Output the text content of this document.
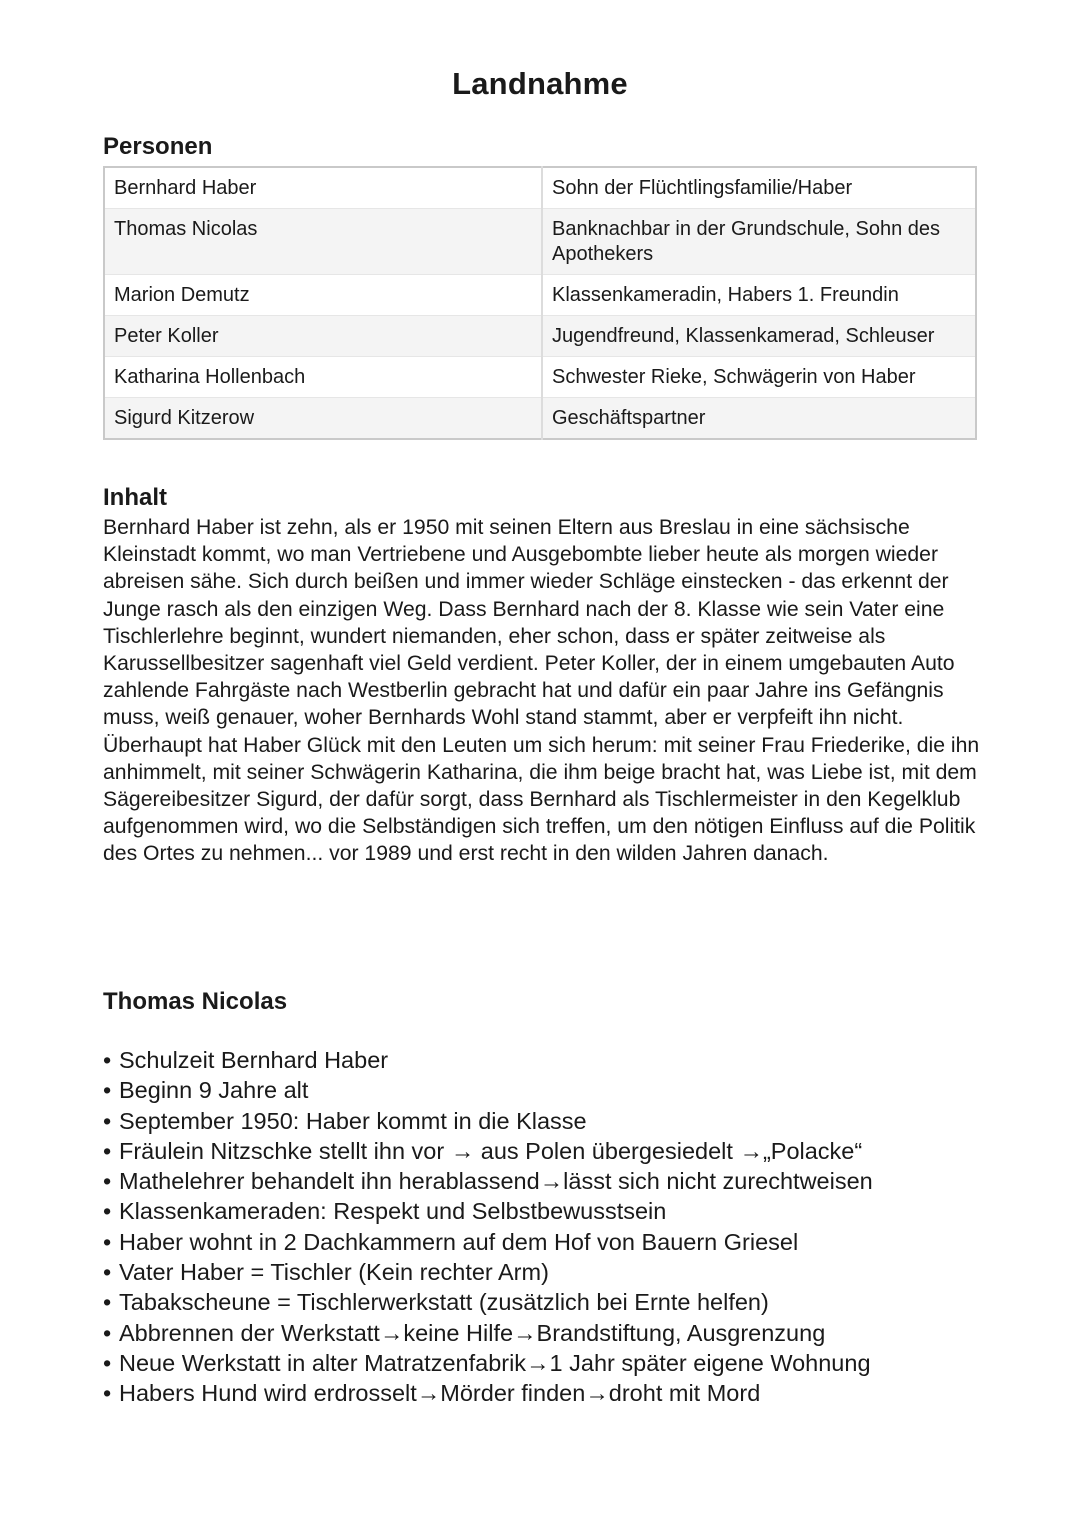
Landnahme
Personen
Bernhard Haber	Sohn der Flüchtlingsfamilie/Haber
Thomas Nicolas	Banknachbar in der Grundschule, Sohn des Apothekers
Marion Demutz	Klassenkameradin, Habers 1. Freundin
Peter Koller	Jugendfreund, Klassenkamerad, Schleuser
Katharina Hollenbach	Schwester Rieke, Schwägerin von Haber
Sigurd Kitzerow	Geschäftspartner
Inhalt

Bernhard Haber ist zehn, als er 1950 mit seinen Eltern aus Breslau in eine sächsische Kleinstadt kommt, wo man Vertriebene und Ausgebombte lieber heute als morgen wieder abreisen sähe. Sich durch beißen und immer wieder Schläge einstecken - das erkennt der Junge rasch als den einzigen Weg. Dass Bernhard nach der 8. Klasse wie sein Vater eine Tischlerlehre beginnt, wundert niemanden, eher schon, dass er später zeitweise als Karussellbesitzer sagenhaft viel Geld verdient. Peter Koller, der in einem umgebauten Auto zahlende Fahrgäste nach Westberlin gebracht hat und dafür ein paar Jahre ins Gefängnis muss, weiß genauer, woher Bernhards Wohl stand stammt, aber er verpfeift ihn nicht. Überhaupt hat Haber Glück mit den Leuten um sich herum: mit seiner Frau Friederike, die ihn anhimmelt, mit seiner Schwägerin Katharina, die ihm beige bracht hat, was Liebe ist, mit dem Sägereibesitzer Sigurd, der dafür sorgt, dass Bernhard als Tischlermeister in den Kegelklub aufgenommen wird, wo die Selbständigen sich treffen, um den nötigen Einfluss auf die Politik des Ortes zu nehmen... vor 1989 und erst recht in den wilden Jahren danach.

Thomas Nicolas
• Schulzeit Bernhard Haber
• Beginn 9 Jahre alt
• September 1950: Haber kommt in die Klasse
• Fräulein Nitzschke stellt ihn vor → aus Polen übergesiedelt →„Polacke“
• Mathelehrer behandelt ihn herablassend→lässt sich nicht zurechtweisen
• Klassenkameraden: Respekt und Selbstbewusstsein
• Haber wohnt in 2 Dachkammern auf dem Hof von Bauern Griesel
• Vater Haber = Tischler (Kein rechter Arm)
• Tabakscheune = Tischlerwerkstatt (zusätzlich bei Ernte helfen)
• Abbrennen der Werkstatt→keine Hilfe→Brandstiftung, Ausgrenzung
• Neue Werkstatt in alter Matratzenfabrik→1 Jahr später eigene Wohnung
• Habers Hund wird erdrosselt→Mörder finden→droht mit Mord
